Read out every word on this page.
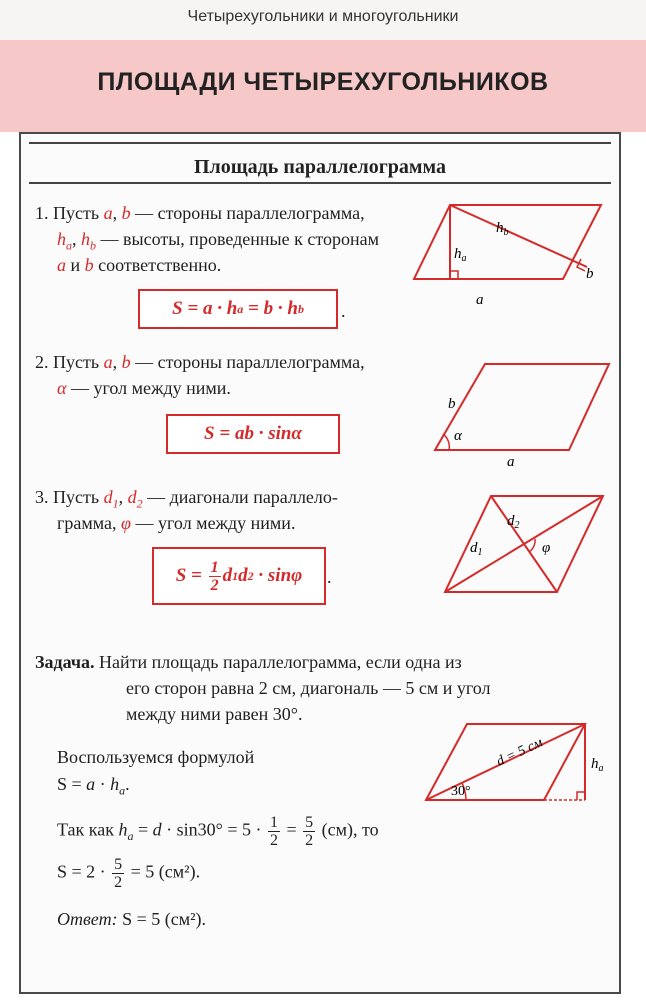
Четырехугольники и многоугольники
ПЛОЩАДИ ЧЕТЫРЕХУГОЛЬНИКОВ
Площадь параллелограмма
1. Пусть a, b — стороны параллелограмма,
$h_a$, $h_b$ — высоты, проведенные к сторонам
a и b соответственно.
S = a · h a = b · h b .
$h_b$
$h_a$
a
b
2. Пусть a, b — стороны параллелограмма,
α — угол между ними.
S = ab · sinα
b
α
a
3. Пусть $d_1$, $d_2$ — диагонали параллело-
грамма, φ — угол между ними.
$S = \frac{1}{2}$ d 1 d 2 · sinφ	.
$d_2$
$d_1$	φ
Задача. Найти площадь параллелограмма, если одна из
его сторон равна 2 см, диагональ — 5 см и угол
между ними равен 30°.
d = 5 см	$h_a$
30°
Воспользуемся формулой
$S = a \cdot h_a$.
Так как $h_a = d \cdot \sin 30^\circ = 5 \cdot \frac{1}{2} = \frac{5}{2} (см)$, то
$S = 2 \cdot \frac{5}{2} = 5$ (см²).
Ответ: S = 5 (см²).
